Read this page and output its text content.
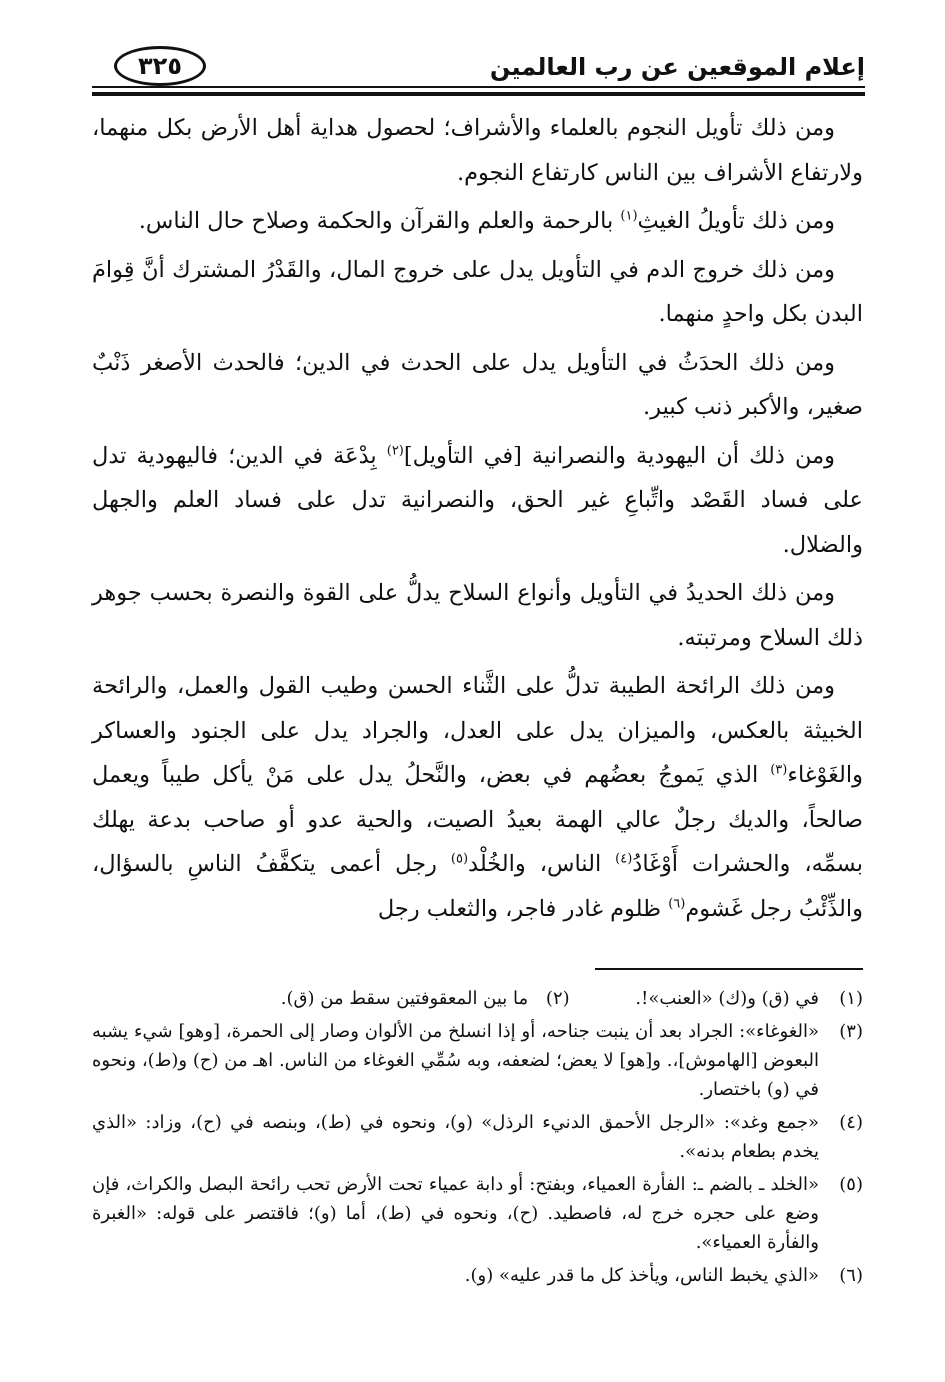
إعلام الموقعين عن رب العالمين
٣٢٥

ومن ذلك تأويل النجوم بالعلماء والأشراف؛ لحصول هداية أهل الأرض بكل منهما، ولارتفاع الأشراف بين الناس كارتفاع النجوم.

ومن ذلك تأويلُ الغيثِ$^{(١)}$ بالرحمة والعلم والقرآن والحكمة وصلاح حال الناس.

ومن ذلك خروج الدم في التأويل يدل على خروج المال، والقَدْرُ المشترك أنَّ قِوامَ البدن بكل واحدٍ منهما.

ومن ذلك الحدَثُ في التأويل يدل على الحدث في الدين؛ فالحدث الأصغر ذَنْبٌ صغير، والأكبر ذنب كبير.

ومن ذلك أن اليهودية والنصرانية [في التأويل]$^{(٢)}$ بِدْعَة في الدين؛ فاليهودية تدل على فساد القَصْد واتِّباعِ غير الحق، والنصرانية تدل على فساد العلم والجهل والضلال.

ومن ذلك الحديدُ في التأويل وأنواع السلاح يدلُّ على القوة والنصرة بحسب جوهر ذلك السلاح ومرتبته.

ومن ذلك الرائحة الطيبة تدلُّ على الثَّناء الحسن وطيب القول والعمل، والرائحة الخبيثة بالعكس، والميزان يدل على العدل، والجراد يدل على الجنود والعساكر والغَوْغاء$^{(٣)}$ الذي يَموجُ بعضُهم في بعض، والنَّحلُ يدل على مَنْ يأكل طيباً ويعمل صالحاً، والديك رجلٌ عالي الهمة بعيدُ الصيت، والحية عدو أو صاحب بدعة يهلك بسمِّه، والحشرات أَوْغَادُ$^{(٤)}$ الناس، والخُلْد$^{(٥)}$ رجل أعمى يتكفَّفُ الناسِ بالسؤال، والذِّئْبُ رجل غَشوم$^{(٦)}$ ظلوم غادر فاجر، والثعلب رجل

(١)
في (ق) و(ك) «العنب»!. (٢) ما بين المعقوفتين سقط من (ق).

(٣)
«الغوغاء»: الجراد بعد أن ينبت جناحه، أو إذا انسلخ من الألوان وصار إلى الحمرة، [وهو] شيء يشبه البعوض [الهاموش]،. و[هو] لا يعض؛ لضعفه، وبه سُمِّي الغوغاء من الناس. اهـ من (ح) و(ط)، ونحوه في (و) باختصار.

(٤)
«جمع وغد»: «الرجل الأحمق الدنيء الرذل» (و)، ونحوه في (ط)، وبنصه في (ح)، وزاد: «الذي يخدم بطعام بدنه».

(٥)
«الخلد ـ بالضم ـ: الفأرة العمياء، وبفتح: أو دابة عمياء تحت الأرض تحب رائحة البصل والكراث، فإن وضع على حجره خرج له، فاصطيد. (ح)، ونحوه في (ط)، أما (و)؛ فاقتصر على قوله: «الغبرة والفأرة العمياء».

(٦)
«الذي يخبط الناس، ويأخذ كل ما قدر عليه» (و).
